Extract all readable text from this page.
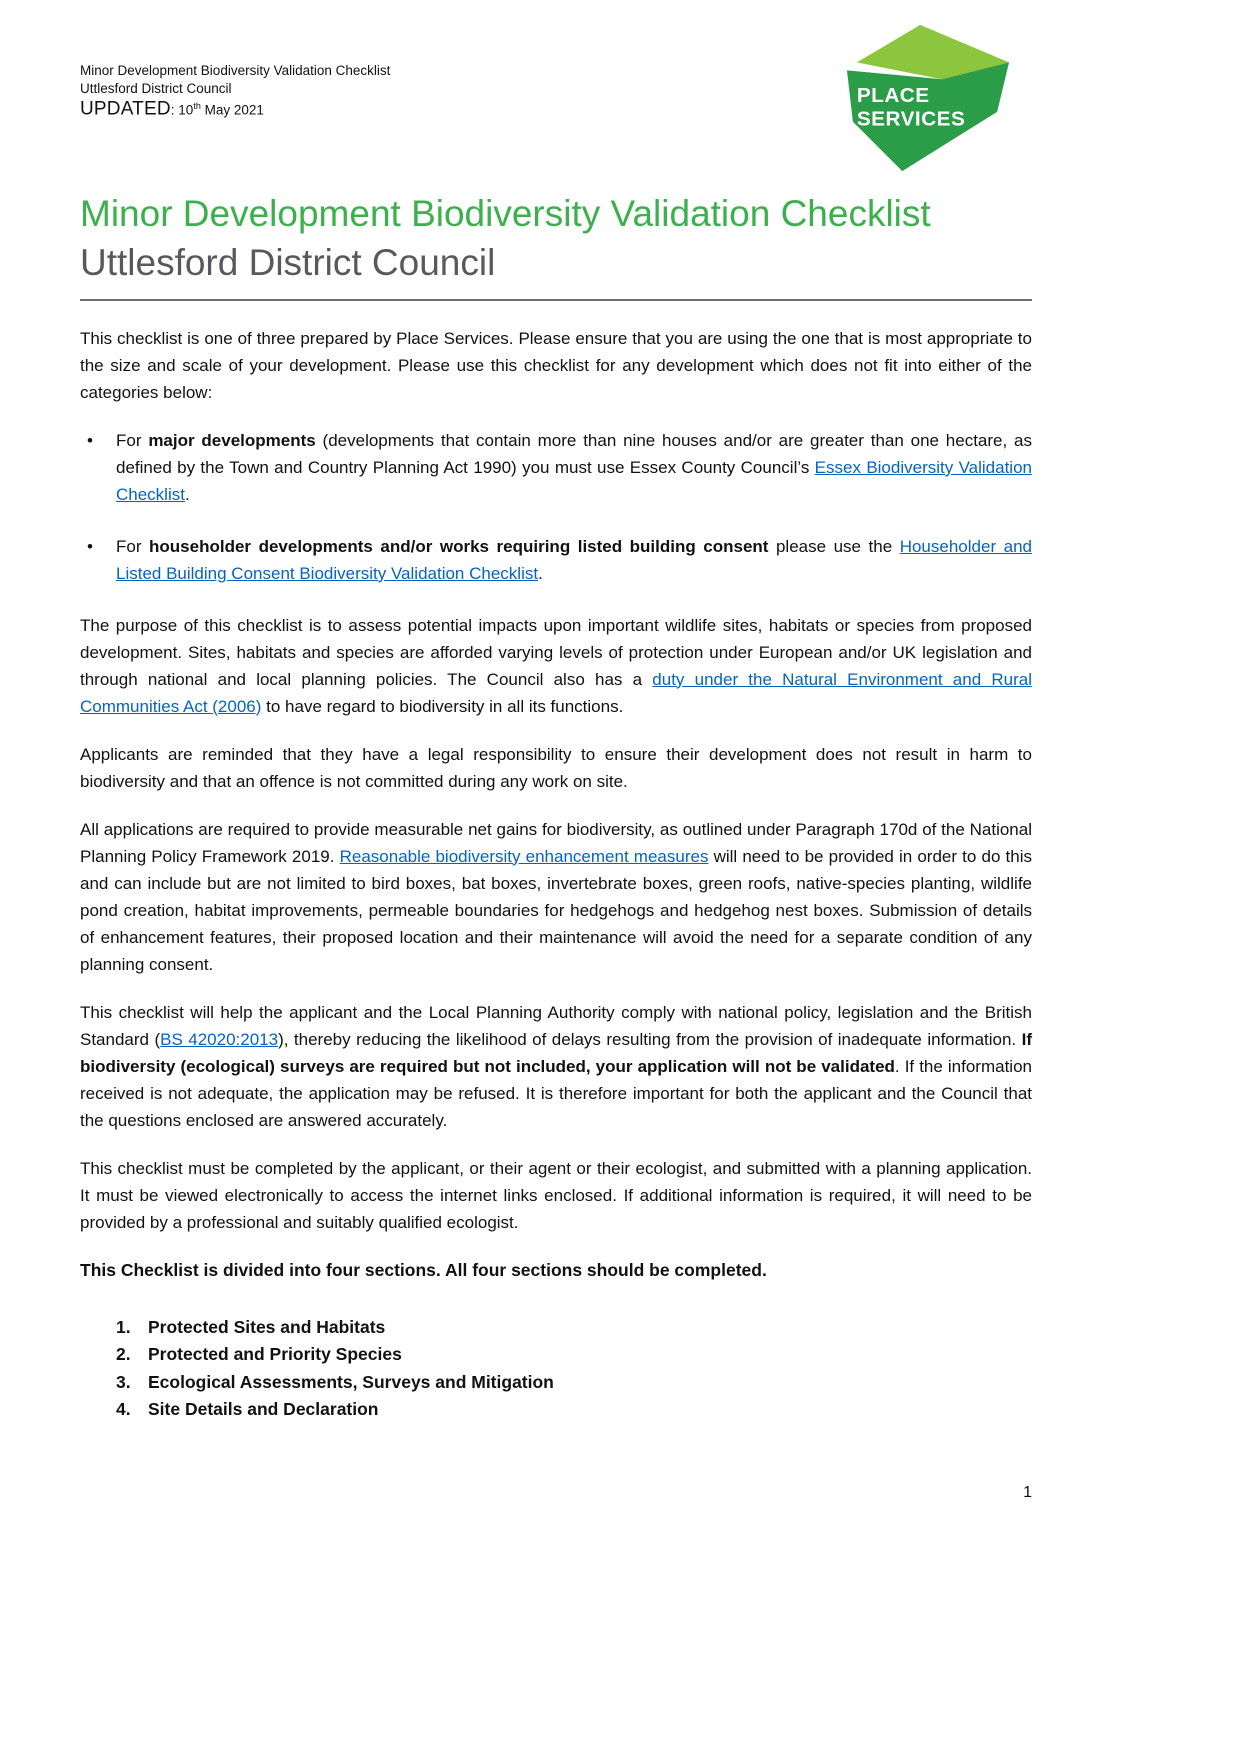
Minor Development Biodiversity Validation Checklist
Uttlesford District Council
UPDATED: 10th May 2021
PLACE
SERVICES
Minor Development Biodiversity Validation Checklist
Uttlesford District Council

This checklist is one of three prepared by Place Services. Please ensure that you are using the one that is most appropriate to the size and scale of your development. Please use this checklist for any development which does not fit into either of the categories below:

• For major developments (developments that contain more than nine houses and/or are greater than one hectare, as defined by the Town and Country Planning Act 1990) you must use Essex County Council’s Essex Biodiversity Validation Checklist.
• For householder developments and/or works requiring listed building consent please use the Householder and Listed Building Consent Biodiversity Validation Checklist.

The purpose of this checklist is to assess potential impacts upon important wildlife sites, habitats or species from proposed development. Sites, habitats and species are afforded varying levels of protection under European and/or UK legislation and through national and local planning policies. The Council also has a duty under the Natural Environment and Rural Communities Act (2006) to have regard to biodiversity in all its functions.

Applicants are reminded that they have a legal responsibility to ensure their development does not result in harm to biodiversity and that an offence is not committed during any work on site.

All applications are required to provide measurable net gains for biodiversity, as outlined under Paragraph 170d of the National Planning Policy Framework 2019. Reasonable biodiversity enhancement measures will need to be provided in order to do this and can include but are not limited to bird boxes, bat boxes, invertebrate boxes, green roofs, native-species planting, wildlife pond creation, habitat improvements, permeable boundaries for hedgehogs and hedgehog nest boxes. Submission of details of enhancement features, their proposed location and their maintenance will avoid the need for a separate condition of any planning consent.

This checklist will help the applicant and the Local Planning Authority comply with national policy, legislation and the British Standard (BS 42020:2013), thereby reducing the likelihood of delays resulting from the provision of inadequate information. If biodiversity (ecological) surveys are required but not included, your application will not be validated. If the information received is not adequate, the application may be refused. It is therefore important for both the applicant and the Council that the questions enclosed are answered accurately.

This checklist must be completed by the applicant, or their agent or their ecologist, and submitted with a planning application. It must be viewed electronically to access the internet links enclosed. If additional information is required, it will need to be provided by a professional and suitably qualified ecologist.

This Checklist is divided into four sections. All four sections should be completed.

1. Protected Sites and Habitats
2. Protected and Priority Species
3. Ecological Assessments, Surveys and Mitigation
4. Site Details and Declaration
1
